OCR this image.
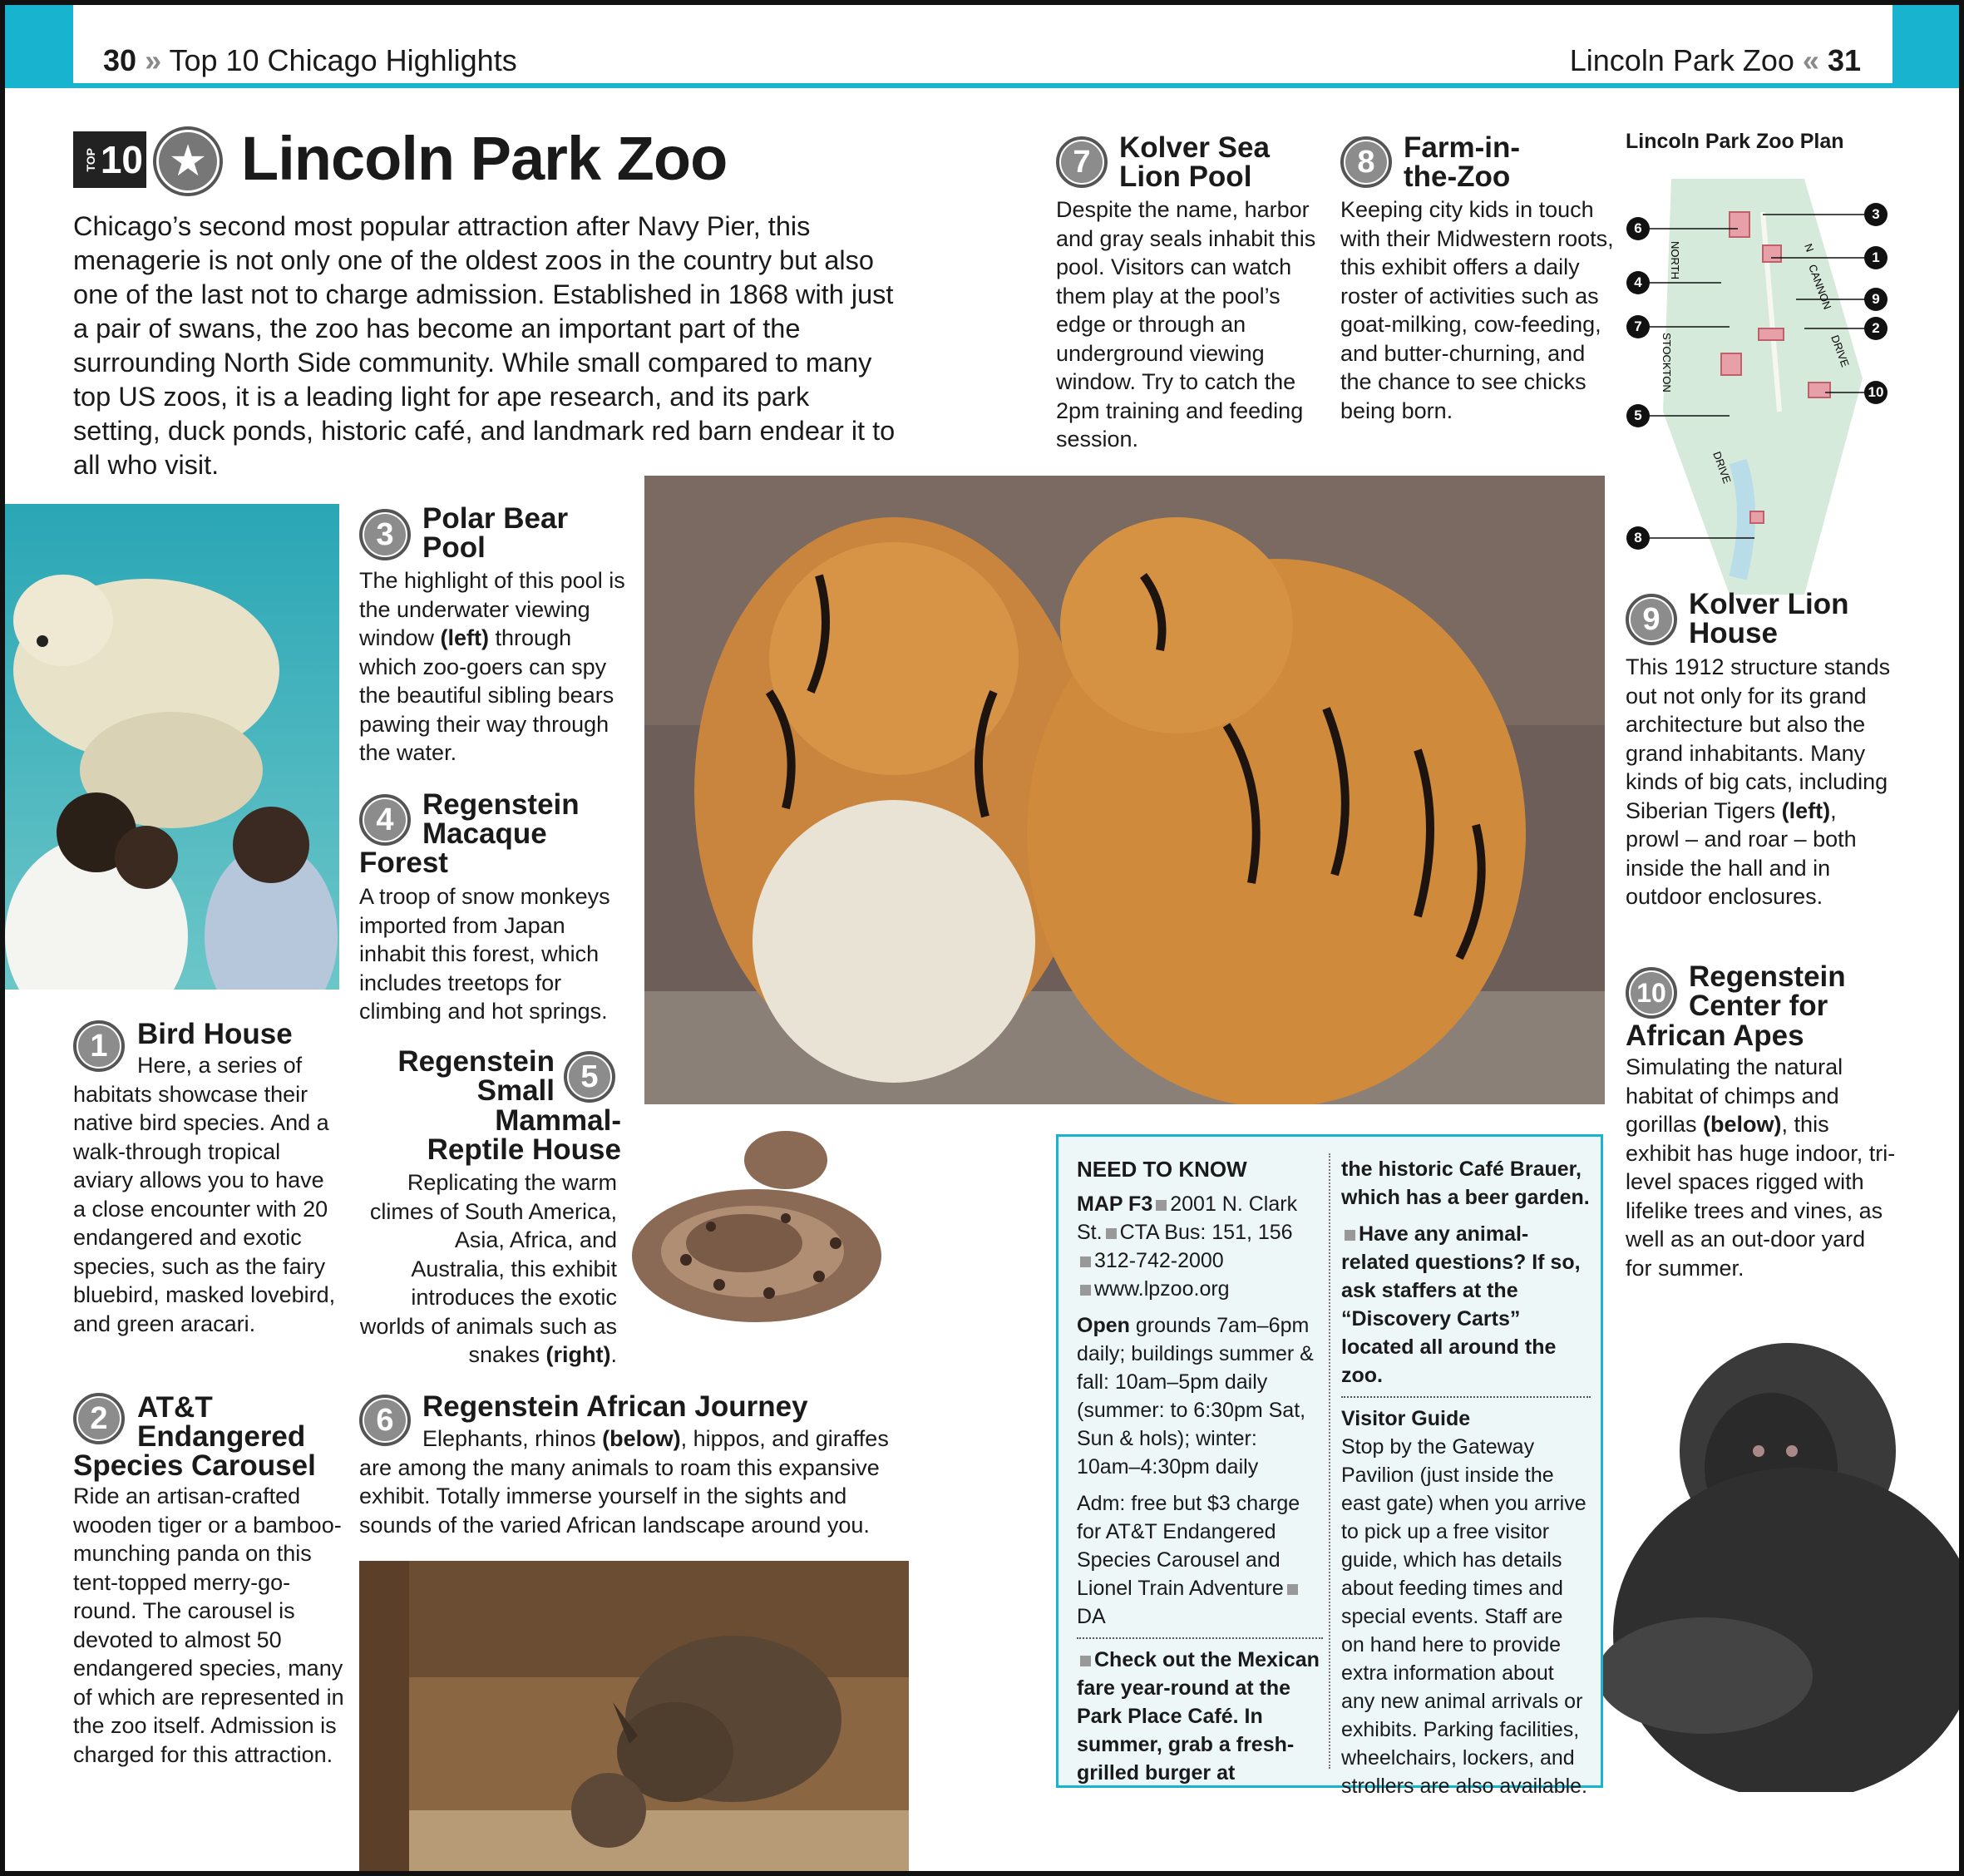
30 » Top 10 Chicago Highlights	Lincoln Park Zoo « 31
TOP 10 ★ Lincoln Park Zoo
Chicago’s second most popular attraction after Navy Pier, this menagerie is not only one of the oldest zoos in the country but also one of the last not to charge admission. Established in 1868 with just a pair of swans, the zoo has become an important part of the surrounding North Side community. While small compared to many top US zoos, it is a leading light for ape research, and its park setting, duck ponds, historic café, and landmark red barn endear it to all who visit.
1	Bird House
Here, a series of habitats showcase their native bird species. And a walk-through tropical aviary allows you to have a close encounter with 20 endangered and exotic species, such as the fairy bluebird, masked lovebird, and green aracari.
2	AT&T
Endangered
Species Carousel
Ride an artisan-crafted wooden tiger or a bamboo-munching panda on this tent-topped merry-go-round. The carousel is devoted to almost 50 endangered species, many of which are represented in the zoo itself. Admission is charged for this attraction.
3 Polar Bear
Pool
The highlight of this pool is the underwater viewing window (left) through which zoo-goers can spy the beautiful sibling bears pawing their way through the water.
4 Regenstein
Macaque
Forest
A troop of snow monkeys imported from Japan inhabit this forest, which includes treetops for climbing and hot springs.
5
Regenstein
Small
Mammal-
Reptile House
Replicating the warm climes of South America, Asia, Africa, and Australia, this exhibit introduces the exotic worlds of animals such as snakes (right).
6 Regenstein African Journey
Elephants, rhinos (below), hippos, and giraffes are among the many animals to roam this expansive exhibit. Totally immerse yourself in the sights and sounds of the varied African landscape around you.
7 Kolver Sea
Lion Pool
Despite the name, harbor and gray seals inhabit this pool. Visitors can watch them play at the pool’s edge or through an underground viewing window. Try to catch the 2pm training and feeding session.
8 Farm-in-
the-Zoo
Keeping city kids in touch with their Midwestern roots, this exhibit offers a daily roster of activities such as goat-milking, cow-feeding, and butter-churning, and the chance to see chicks being born.
Lincoln Park Zoo Plan
NORTH
STOCKTON
DRIVE
N
CANNON
DRIVE
6
4
7
5
8
3
1
9
2
10
9 Kolver Lion
House
This 1912 structure stands out not only for its grand architecture but also the grand inhabitants. Many kinds of big cats, including Siberian Tigers (left), prowl – and roar – both inside the hall and in outdoor enclosures.
10 Regenstein
Center for
African Apes
Simulating the natural habitat of chimps and gorillas (below), this exhibit has huge indoor, tri-level spaces rigged with lifelike trees and vines, as well as an out-door yard for summer.
NEED TO KNOW
MAP F3 2001 N. Clark St. CTA Bus: 151, 156
312-742-2000
www.lpzoo.org
Open grounds 7am–6pm daily; buildings summer & fall: 10am–5pm daily (summer: to 6:30pm Sat, Sun & hols); winter: 10am–4:30pm daily
Adm: free but $3 charge for AT&T Endangered Species Carousel and Lionel Train AdventureDA
Check out the Mexican fare year-round at the Park Place Café. In summer, grab a fresh-grilled burger at
the historic Café Brauer, which has a beer garden.
Have any animal-related questions? If so, ask staffers at the “Discovery Carts” located all around the zoo.
Visitor Guide
Stop by the Gateway Pavilion (just inside the east gate) when you arrive to pick up a free visitor guide, which has details about feeding times and special events. Staff are on hand here to provide extra information about any new animal arrivals or exhibits. Parking facilities, wheelchairs, lockers, and strollers are also available.
